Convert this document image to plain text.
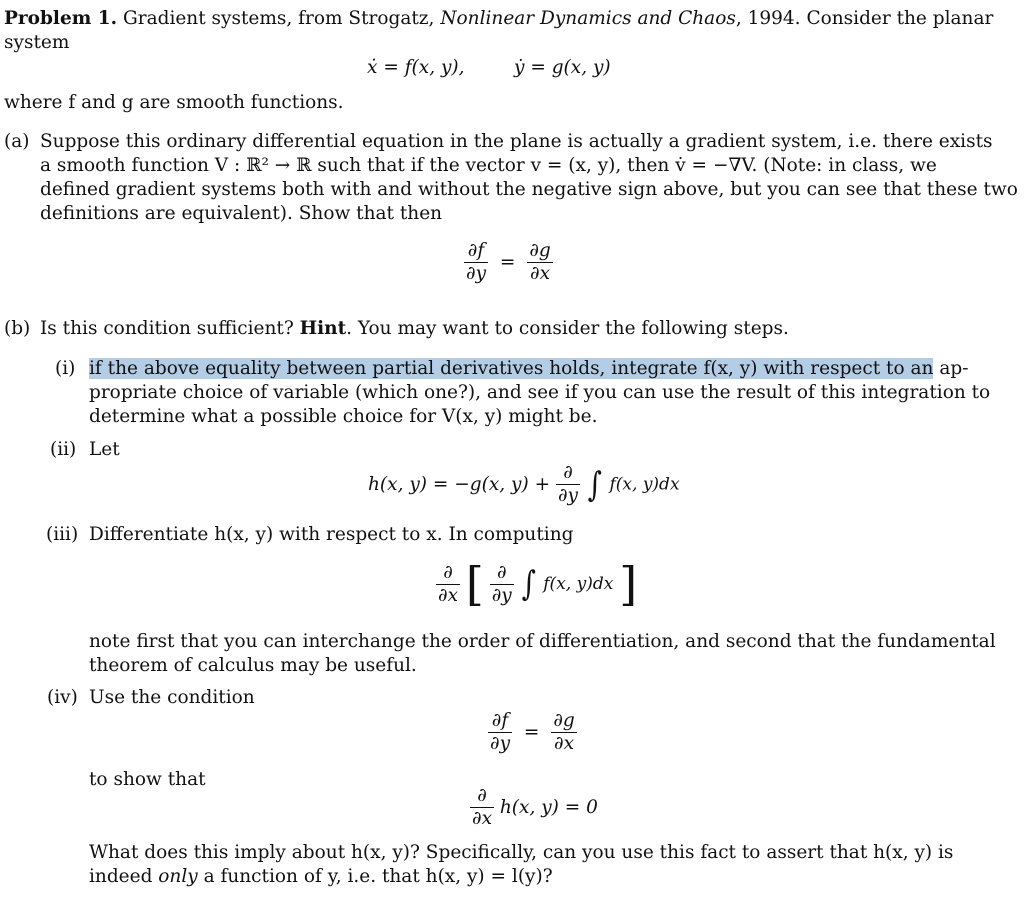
Problem 1. Gradient systems, from Strogatz, Nonlinear Dynamics and Chaos, 1994. Consider the planar
system
ẋ = f(x, y),	ẏ = g(x, y)
where f and g are smooth functions.
(a) Suppose this ordinary differential equation in the plane is actually a gradient system, i.e. there exists
a smooth function V : ℝ² → ℝ such that if the vector v = (x, y), then v̇ = −∇V. (Note: in class, we
defined gradient systems both with and without the negative sign above, but you can see that these two
definitions are equivalent). Show that then
$\frac{\partial f}{\partial y} = \frac{\partial g}{\partial x}$
(b) Is this condition sufficient? Hint. You may want to consider the following steps.
(i) if the above equality between partial derivatives holds, integrate f(x, y) with respect to an ap-
propriate choice of variable (which one?), and see if you can use the result of this integration to
determine what a possible choice for V(x, y) might be.
(ii) Let
h(x, y) = −g(x, $y) + \frac{\partial}{\partial y}$ ∫ f(x, y)dx
(iii) Differentiate h(x, y) with respect to x. In computing
$\frac{\partial}{\partial x}$ [ $\frac{\partial}{\partial y}$ ∫ f(x, y)dx ]
note first that you can interchange the order of differentiation, and second that the fundamental
theorem of calculus may be useful.
(iv) Use the condition
$\frac{\partial f}{\partial y} = \frac{\partial g}{\partial x}$
to show that
$\frac{\partial}{\partial x} h(x$, y) = 0
What does this imply about h(x, y)? Specifically, can you use this fact to assert that h(x, y) is
indeed only a function of y, i.e. that h(x, y) = l(y)?
